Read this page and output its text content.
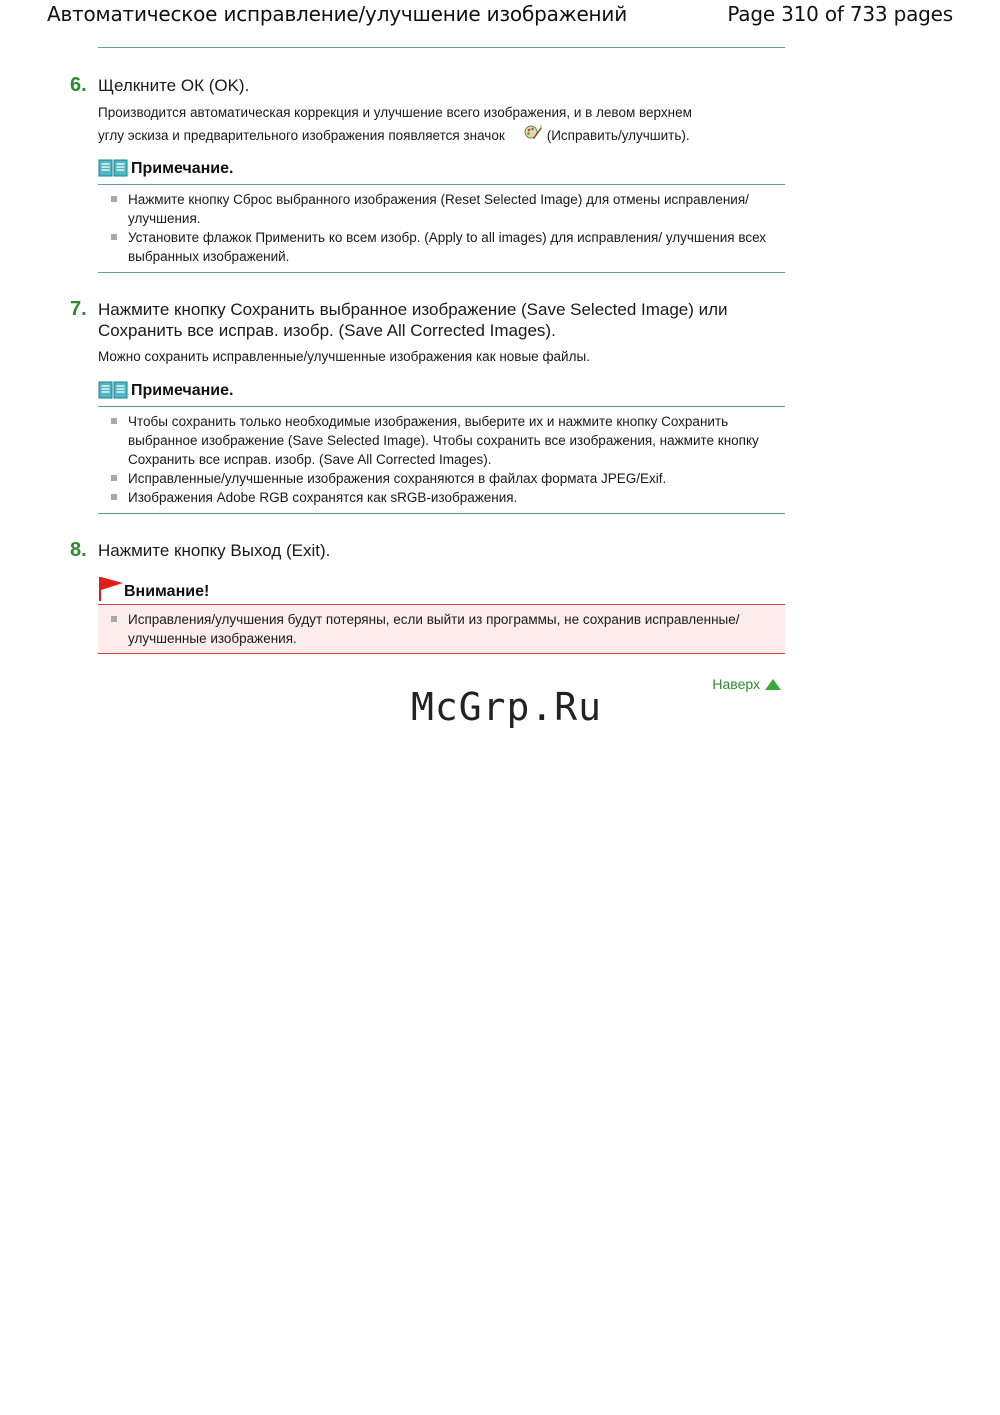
Автоматическое исправление/улучшение изображений	Page 310 of 733 pages
6. Щелкните ОК (OK).
Производится автоматическая коррекция и улучшение всего изображения, и в левом верхнем
углу эскиза и предварительного изображения появляется значок	(Исправить/улучшить).
Примечание.
Нажмите кнопку Сброс выбранного изображения (Reset Selected Image) для отмены исправления/улучшения.
Установите флажок Применить ко всем изобр. (Apply to all images) для исправления/ улучшения всех выбранных изображений.
7. Нажмите кнопку Сохранить выбранное изображение (Save Selected Image) или Сохранить все исправ. изобр. (Save All Corrected Images).
Можно сохранить исправленные/улучшенные изображения как новые файлы.
Примечание.
Чтобы сохранить только необходимые изображения, выберите их и нажмите кнопку Сохранить выбранное изображение (Save Selected Image). Чтобы сохранить все изображения, нажмите кнопку Сохранить все исправ. изобр. (Save All Corrected Images).
Исправленные/улучшенные изображения сохраняются в файлах формата JPEG/Exif.
Изображения Adobe RGB сохранятся как sRGB-изображения.
8. Нажмите кнопку Выход (Exit).
Внимание!
Исправления/улучшения будут потеряны, если выйти из программы, не сохранив исправленные/улучшенные изображения.
Наверх
McGrp.Ru
